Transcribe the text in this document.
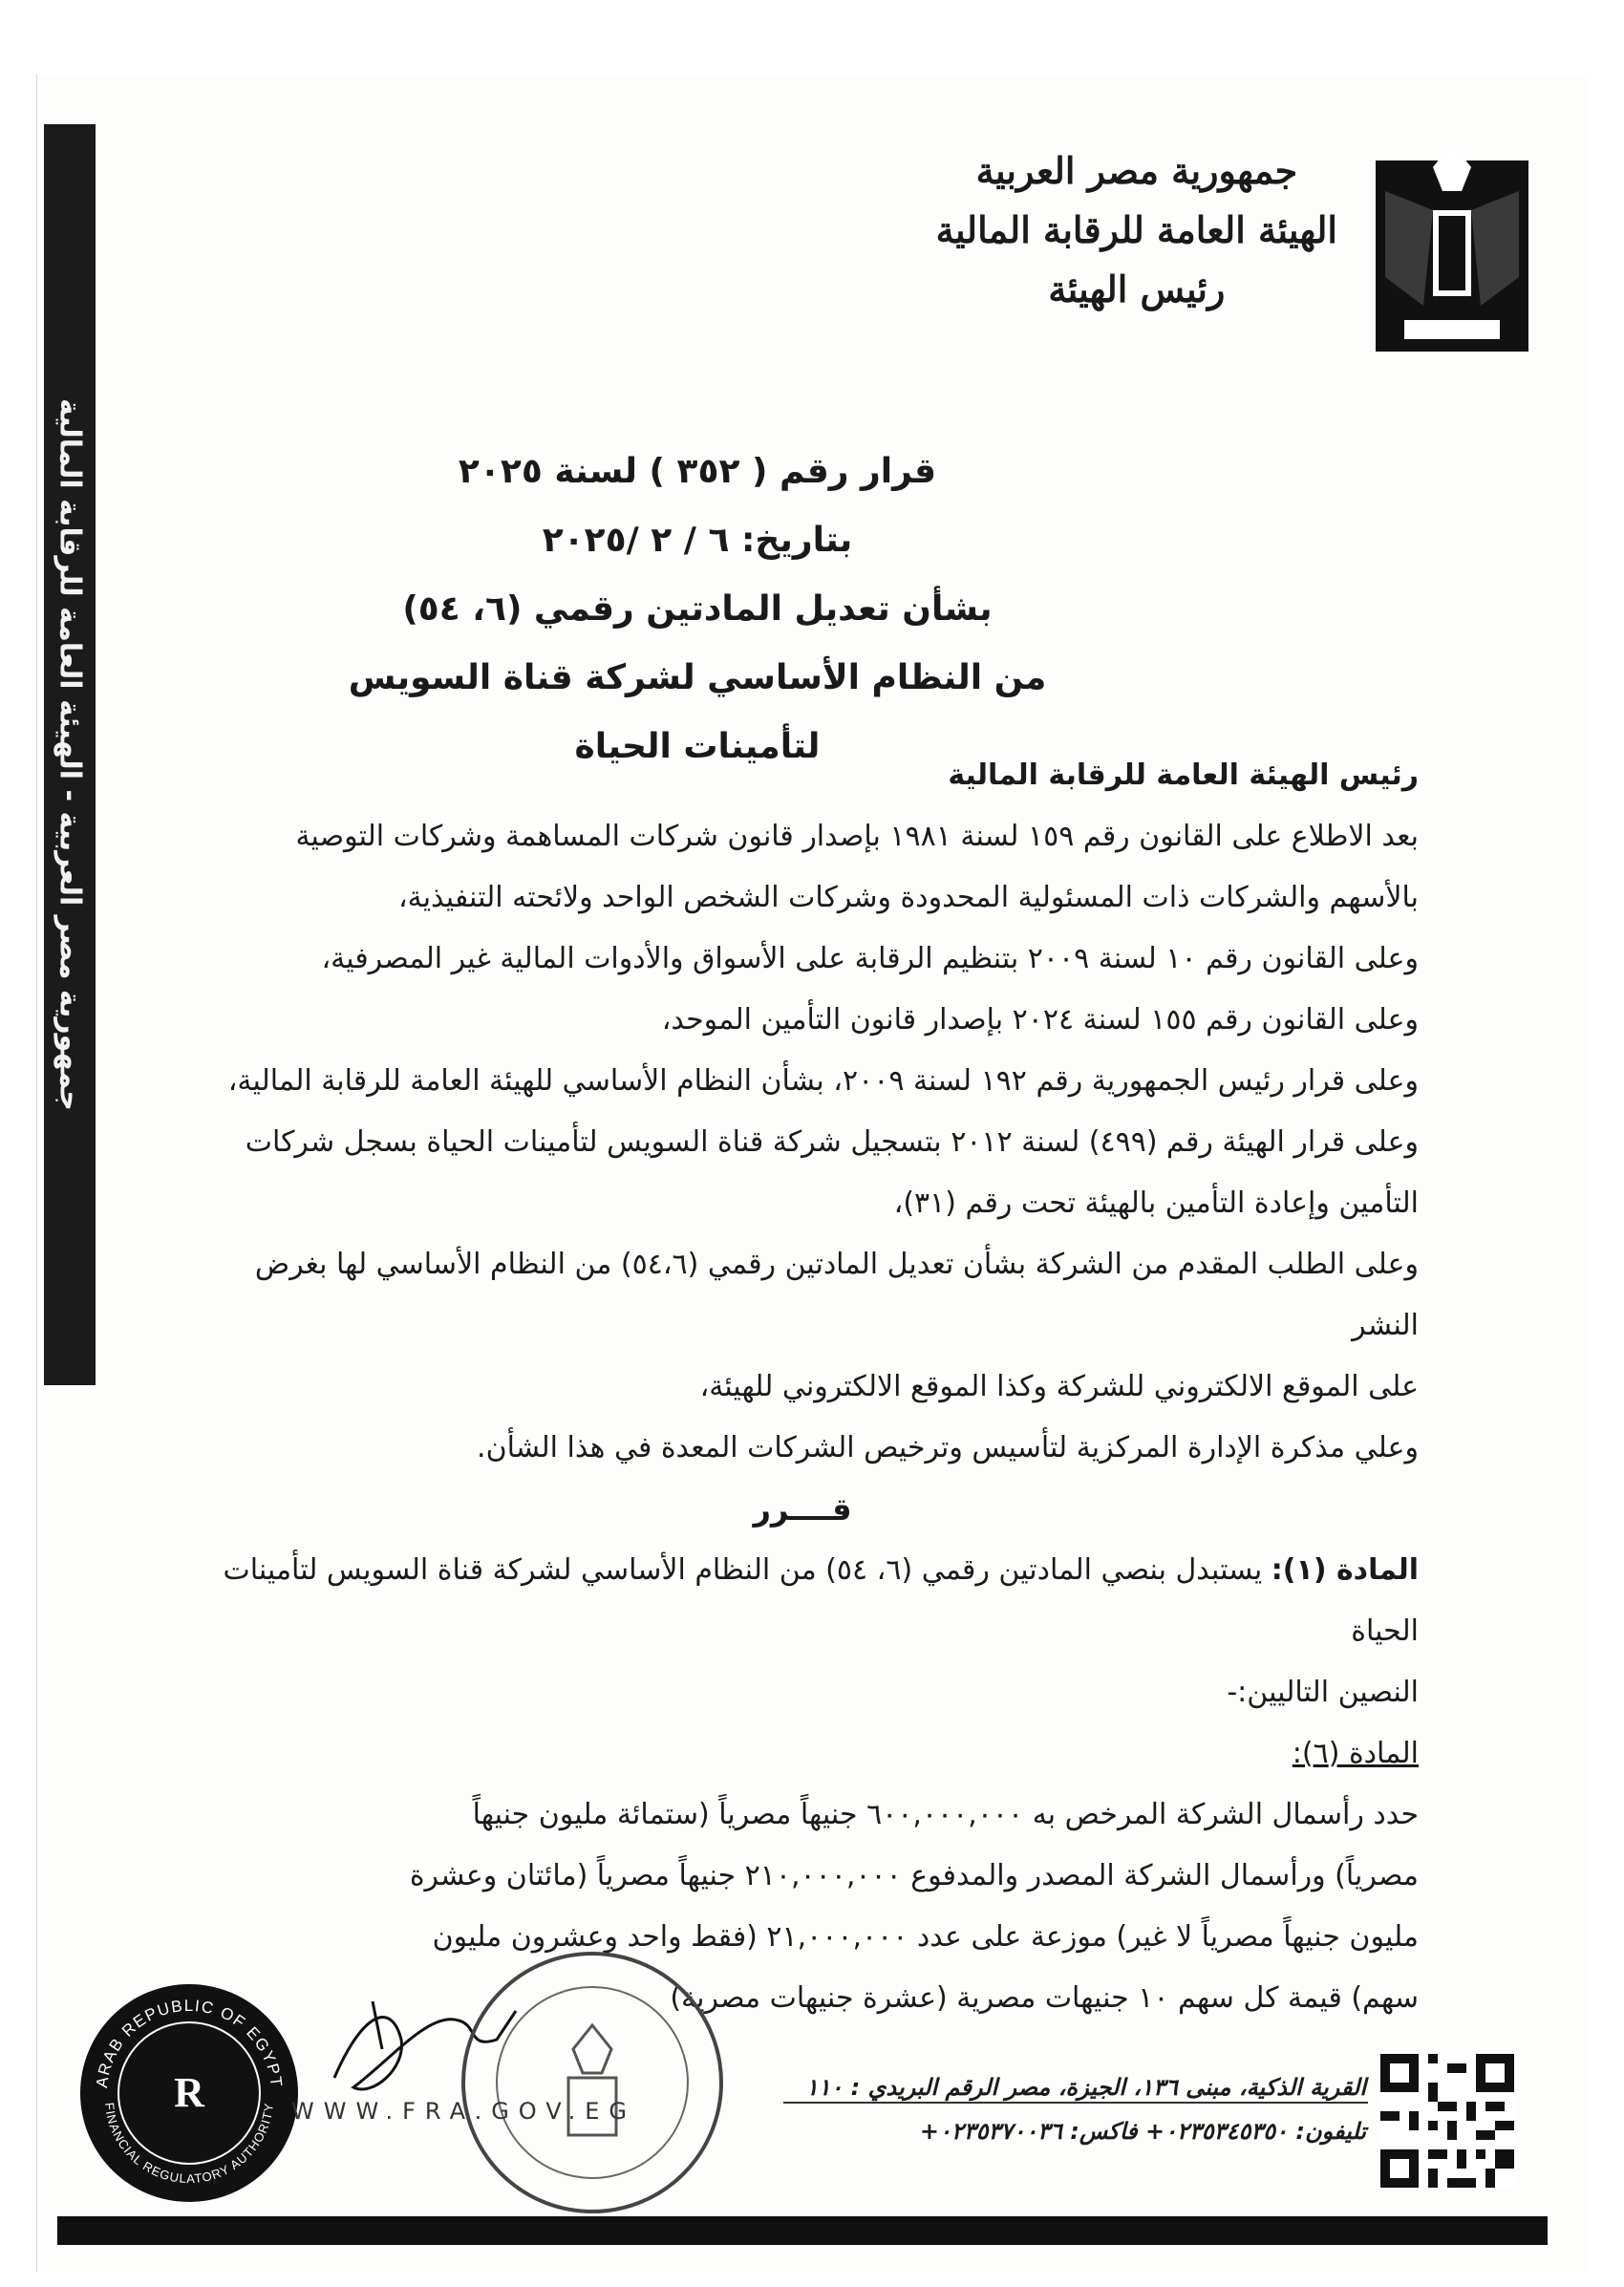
جمهورية مصر العربية - الهيئة العامة للرقابة المالية
جمهورية مصر العربية
الهيئة العامة للرقابة المالية
رئيس الهيئة
قرار رقم ( ٣٥٢ ) لسنة ٢٠٢٥
بتاريخ: ٦ / ٢ /٢٠٢٥
بشأن تعديل المادتين رقمي (٦، ٥٤)
من النظام الأساسي لشركة قناة السويس لتأمينات الحياة

رئيس الهيئة العامة للرقابة المالية

بعد الاطلاع على القانون رقم ١٥٩ لسنة ١٩٨١ بإصدار قانون شركات المساهمة وشركات التوصية

بالأسهم والشركات ذات المسئولية المحدودة وشركات الشخص الواحد ولائحته التنفيذية،

وعلى القانون رقم ١٠ لسنة ٢٠٠٩ بتنظيم الرقابة على الأسواق والأدوات المالية غير المصرفية،

وعلى القانون رقم ١٥٥ لسنة ٢٠٢٤ بإصدار قانون التأمين الموحد،

وعلى قرار رئيس الجمهورية رقم ١٩٢ لسنة ٢٠٠٩، بشأن النظام الأساسي للهيئة العامة للرقابة المالية،

وعلى قرار الهيئة رقم (٤٩٩) لسنة ٢٠١٢ بتسجيل شركة قناة السويس لتأمينات الحياة بسجل شركات

التأمين وإعادة التأمين بالهيئة تحت رقم (٣١)،

وعلى الطلب المقدم من الشركة بشأن تعديل المادتين رقمي (٥٤،٦) من النظام الأساسي لها بغرض النشر

على الموقع الالكتروني للشركة وكذا الموقع الالكتروني للهيئة،

وعلي مذكرة الإدارة المركزية لتأسيس وترخيص الشركات المعدة في هذا الشأن.

قــــرر

المادة (١): يستبدل بنصي المادتين رقمي (٦، ٥٤) من النظام الأساسي لشركة قناة السويس لتأمينات الحياة

النصين التاليين:-

المادة (٦):

حدد رأسمال الشركة المرخص به ٦٠٠,٠٠٠,٠٠٠ جنيهاً مصرياً (ستمائة مليون جنيهاً

مصرياً) ورأسمال الشركة المصدر والمدفوع ٢١٠,٠٠٠,٠٠٠ جنيهاً مصرياً (مائتان وعشرة

مليون جنيهاً مصرياً لا غير) موزعة على عدد ٢١,٠٠٠,٠٠٠ (فقط واحد وعشرون مليون

سهم) قيمة كل سهم ١٠ جنيهات مصرية (عشرة جنيهات مصرية)

ARAB REPUBLIC OF EGYPT
FINANCIAL REGULATORY AUTHORITY
R	WWW.FRA.GOV.EG
القرية الذكية، مبنى ١٣٦، الجيزة، مصر الرقم البريدي : ١١٠
تليفون: ٠٢٣٥٣٤٥٣٥٠+ فاكس: ٠٢٣٥٣٧٠٠٣٦+
